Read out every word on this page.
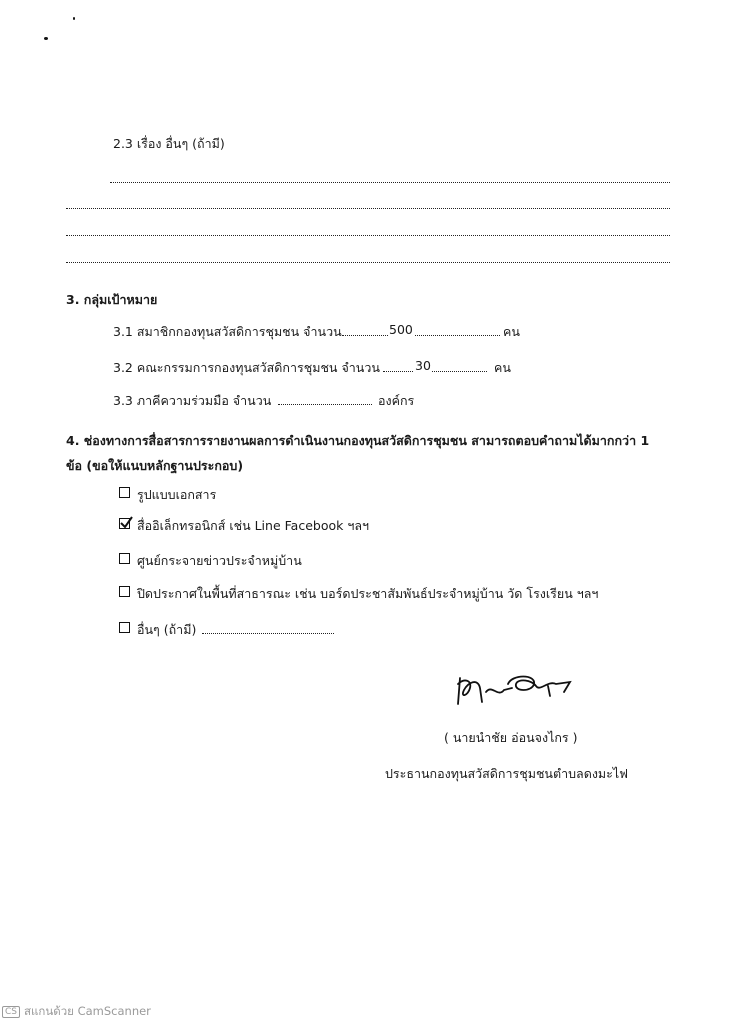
2.3 เรื่อง อื่นๆ (ถ้ามี)
3. กลุ่มเป้าหมาย
3.1 สมาชิกกองทุนสวัสดิการชุมชน จำนวน	500	คน
3.2 คณะกรรมการกองทุนสวัสดิการชุมชน จำนวน	30	คน
3.3 ภาคีความร่วมมือ จำนวน	องค์กร
4. ช่องทางการสื่อสารการรายงานผลการดำเนินงานกองทุนสวัสดิการชุมชน สามารถตอบคำถามได้มากกว่า 1
ข้อ (ขอให้แนบหลักฐานประกอบ)
รูปแบบเอกสาร
สื่ออิเล็กทรอนิกส์ เช่น Line Facebook ฯลฯ
ศูนย์กระจายข่าวประจำหมู่บ้าน
ปิดประกาศในพื้นที่สาธารณะ เช่น บอร์ดประชาสัมพันธ์ประจำหมู่บ้าน วัด โรงเรียน ฯลฯ
อื่นๆ (ถ้ามี)
( นายนำชัย อ่อนจงไกร )
ประธานกองทุนสวัสดิการชุมชนตำบลดงมะไฟ
CS สแกนด้วย CamScanner
